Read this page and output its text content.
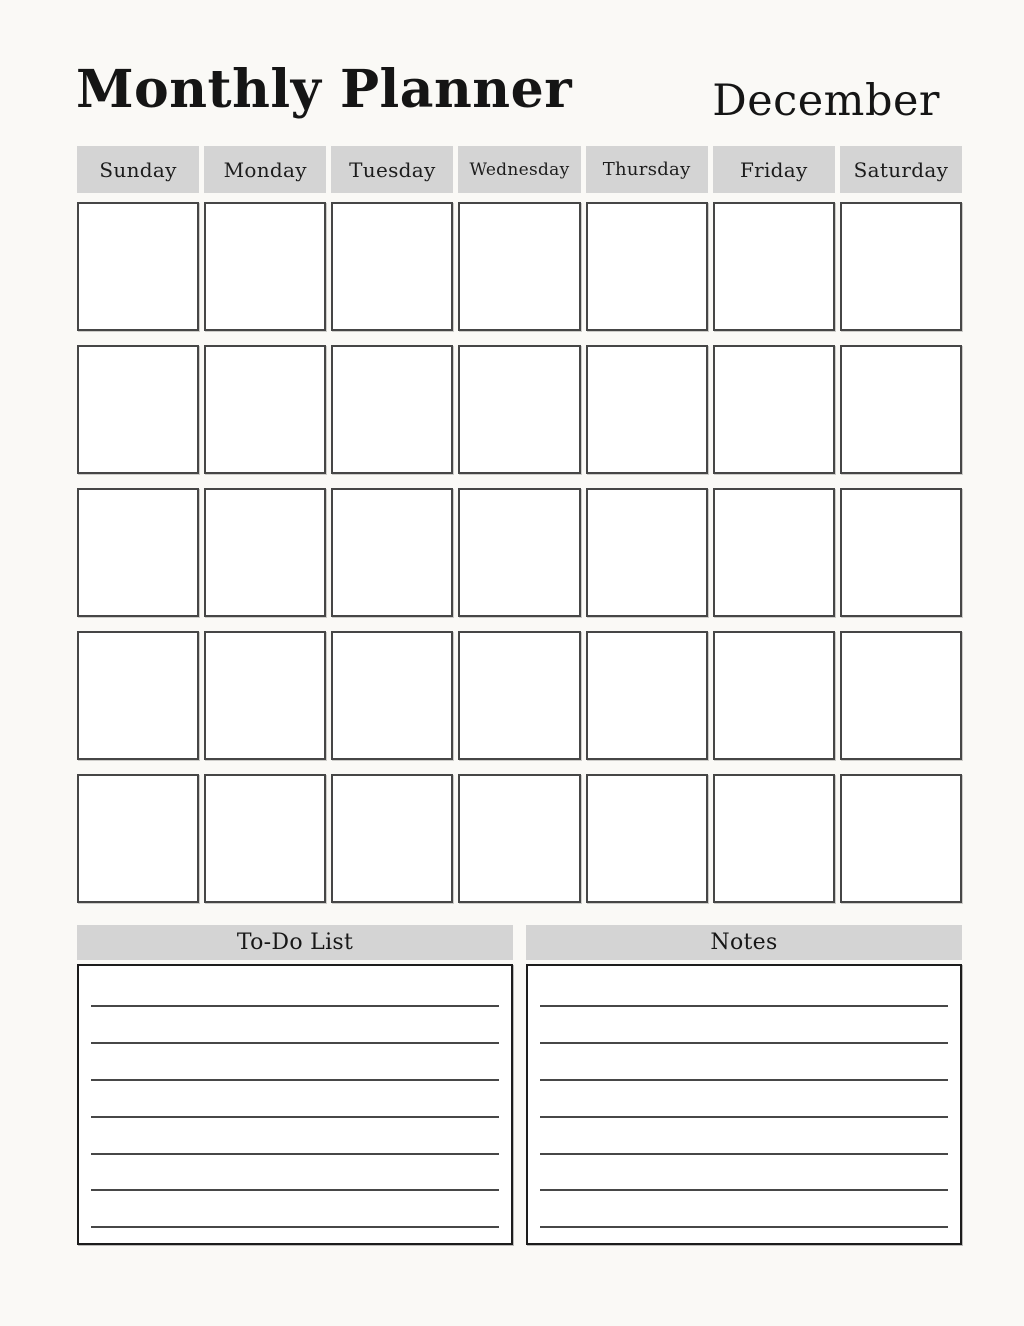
Monthly Planner	December
Sunday	Monday	Tuesday	Wednesday	Thursday	Friday	Saturday
To-Do List	Notes
